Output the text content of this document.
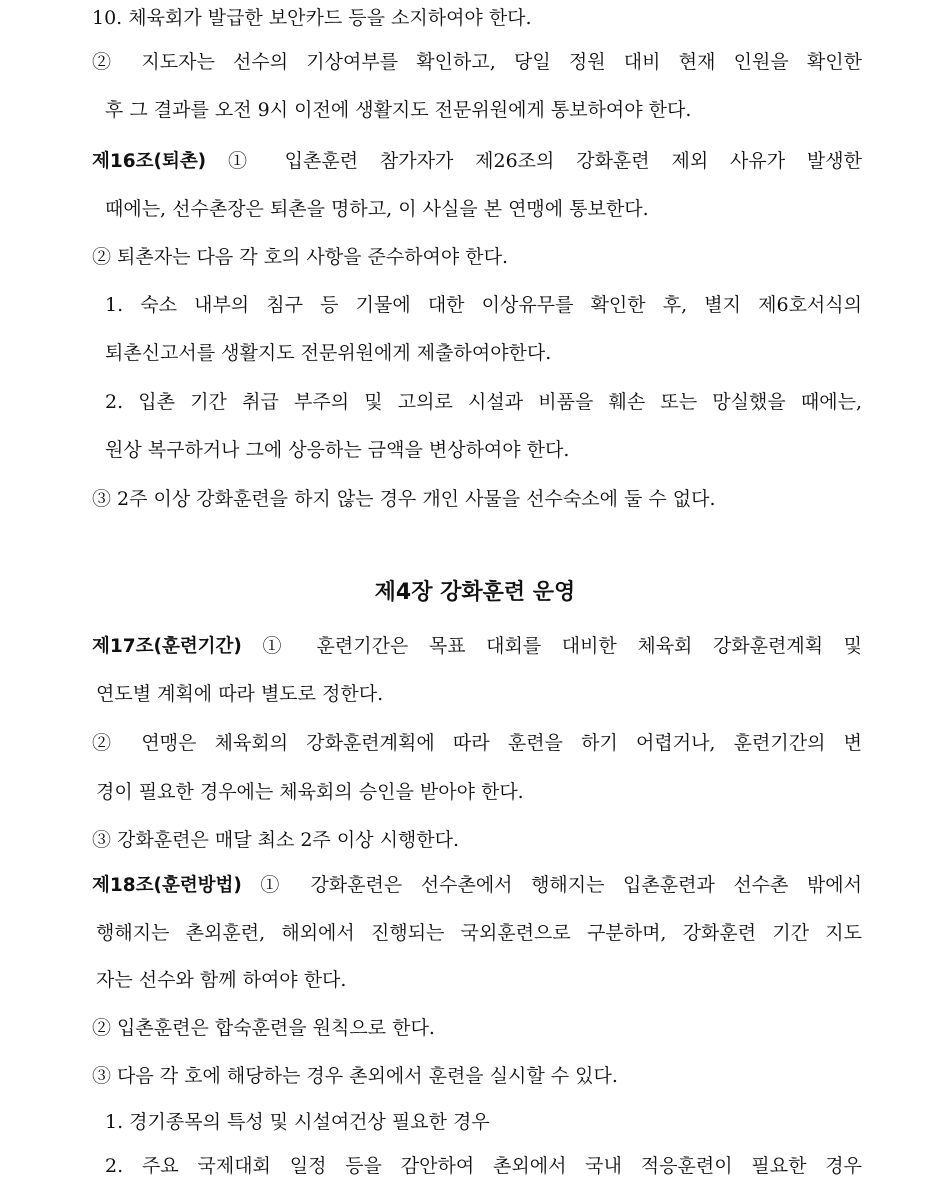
10. 체육회가 발급한 보안카드 등을 소지하여야 한다.
② 지도자는 선수의 기상여부를 확인하고, 당일 정원 대비 현재 인원을 확인한
후 그 결과를 오전 9시 이전에 생활지도 전문위원에게 통보하여야 한다.
제16조(퇴촌) ① 입촌훈련 참가자가 제26조의 강화훈련 제외 사유가 발생한
때에는, 선수촌장은 퇴촌을 명하고, 이 사실을 본 연맹에 통보한다.
② 퇴촌자는 다음 각 호의 사항을 준수하여야 한다.
1. 숙소 내부의 침구 등 기물에 대한 이상유무를 확인한 후, 별지 제6호서식의
퇴촌신고서를 생활지도 전문위원에게 제출하여야한다.
2. 입촌 기간 취급 부주의 및 고의로 시설과 비품을 훼손 또는 망실했을 때에는,
원상 복구하거나 그에 상응하는 금액을 변상하여야 한다.
③ 2주 이상 강화훈련을 하지 않는 경우 개인 사물을 선수숙소에 둘 수 없다.
제4장 강화훈련 운영
제17조(훈련기간) ① 훈련기간은 목표 대회를 대비한 체육회 강화훈련계획 및
연도별 계획에 따라 별도로 정한다.
② 연맹은 체육회의 강화훈련계획에 따라 훈련을 하기 어렵거나, 훈련기간의 변
경이 필요한 경우에는 체육회의 승인을 받아야 한다.
③ 강화훈련은 매달 최소 2주 이상 시행한다.
제18조(훈련방법) ① 강화훈련은 선수촌에서 행해지는 입촌훈련과 선수촌 밖에서
행해지는 촌외훈련, 해외에서 진행되는 국외훈련으로 구분하며, 강화훈련 기간 지도
자는 선수와 함께 하여야 한다.
② 입촌훈련은 합숙훈련을 원칙으로 한다.
③ 다음 각 호에 해당하는 경우 촌외에서 훈련을 실시할 수 있다.
1. 경기종목의 특성 및 시설여건상 필요한 경우
2. 주요 국제대회 일정 등을 감안하여 촌외에서 국내 적응훈련이 필요한 경우
